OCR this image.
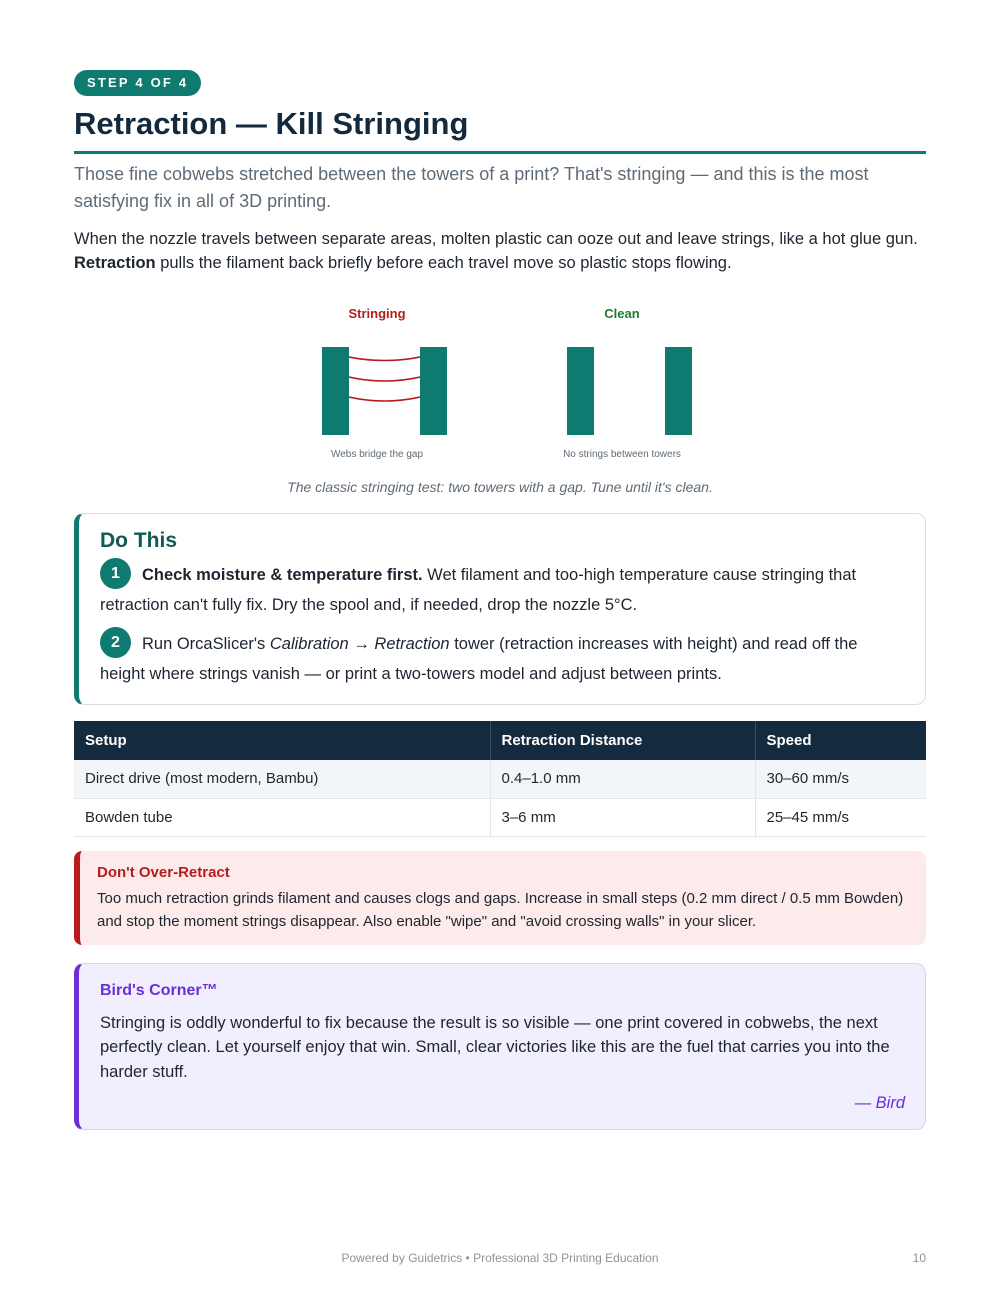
STEP 4 OF 4
Retraction — Kill Stringing

Those fine cobwebs stretched between the towers of a print? That's stringing — and this is the most satisfying fix in all of 3D printing.

When the nozzle travels between separate areas, molten plastic can ooze out and leave strings, like a hot glue gun. Retraction pulls the filament back briefly before each travel move so plastic stops flowing.

Stringing
Webs bridge the gap
Clean
No strings between towers
The classic stringing test: two towers with a gap. Tune until it's clean.
Do This
1 Check moisture & temperature first. Wet filament and too-high temperature cause stringing that retraction can't fully fix. Dry the spool and, if needed, drop the nozzle 5°C.
2 Run OrcaSlicer's Calibration → Retraction tower (retraction increases with height) and read off the height where strings vanish — or print a two-towers model and adjust between prints.
Setup	Retraction Distance	Speed
Direct drive (most modern, Bambu)	0.4–1.0 mm	30–60 mm/s
Bowden tube	3–6 mm	25–45 mm/s
Don't Over-Retract
Too much retraction grinds filament and causes clogs and gaps. Increase in small steps (0.2 mm direct / 0.5 mm Bowden) and stop the moment strings disappear. Also enable "wipe" and "avoid crossing walls" in your slicer.
Bird's Corner™
Stringing is oddly wonderful to fix because the result is so visible — one print covered in cobwebs, the next perfectly clean. Let yourself enjoy that win. Small, clear victories like this are the fuel that carries you into the harder stuff.
— Bird
Powered by Guidetrics • Professional 3D Printing Education	10
